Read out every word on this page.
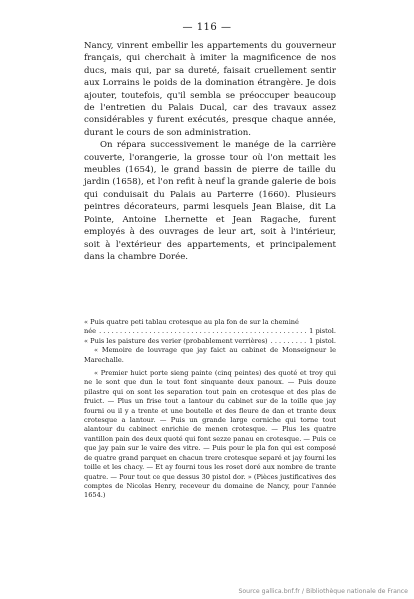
— 116 —

Nancy, vinrent embellir les appartements du gouverneur français, qui cherchait à imiter la magnificence de nos ducs, mais qui, par sa dureté, faisait cruellement sentir aux Lorrains le poids de la domination étrangère. Je dois ajouter, toutefois, qu'il sembla se préoccuper beaucoup de l'entretien du Palais Ducal, car des travaux assez considérables y furent exécutés, presque chaque année, durant le cours de son administration.

On répara successivement le manége de la carrière couverte, l'orangerie, la grosse tour où l'on mettait les meubles (1654), le grand bassin de pierre de taille du jardin (1658), et l'on refit à neuf la grande galerie de bois qui conduisait du Palais au Parterre (1660). Plusieurs peintres décorateurs, parmi lesquels Jean Blaise, dit La Pointe, Antoine Lhernette et Jean Ragache, furent employés à des ouvrages de leur art, soit à l'intérieur, soit à l'extérieur des appartements, et principalement dans la chambre Dorée.

« Puis quatre peti tablau crotesque au pla fon de sur la cheminé

née . . .	1 pistol.
« Puis les paisture des verier (probablement verrières) . . .	1 pistol.

« Memoire de louvrage que jay faict au cabinet de Monseigneur le Marechalle.

« Premier huict porte sieng painte (cinq peintes) des quoté et troy qui ne le sont que dun le tout font sinquante deux panoux. — Puis douze pilastre qui on sont les separation tout pain en crotesque et des plas de fruict. — Plus un frise tout a lantour du cabinet sur de la toille que jay fourni ou il y a trente et une boutelle et des fleure de dan et trante deux crotesque a lantour. — Puis un grande large corniche qui torne tout alantour du cabinect enrichie de menen crotesque. — Plus les quatre vantillon pain des deux quoté qui font sezze panau en crotesque. — Puis ce que jay pain sur le vaire des vitre. — Puis pour le pla fon qui est composé de quatre grand parquet en chacun trere crotesque separé et jay fourni les toille et les chacy. — Et ay fourni tous les roset doré aux nombre de trante quatre. — Pour tout ce que dessus 30 pistol dor. » (Pièces justificatives des comptes de Nicolas Henry, receveur du domaine de Nancy, pour l'année 1654.)

Source gallica.bnf.fr / Bibliothèque nationale de France
